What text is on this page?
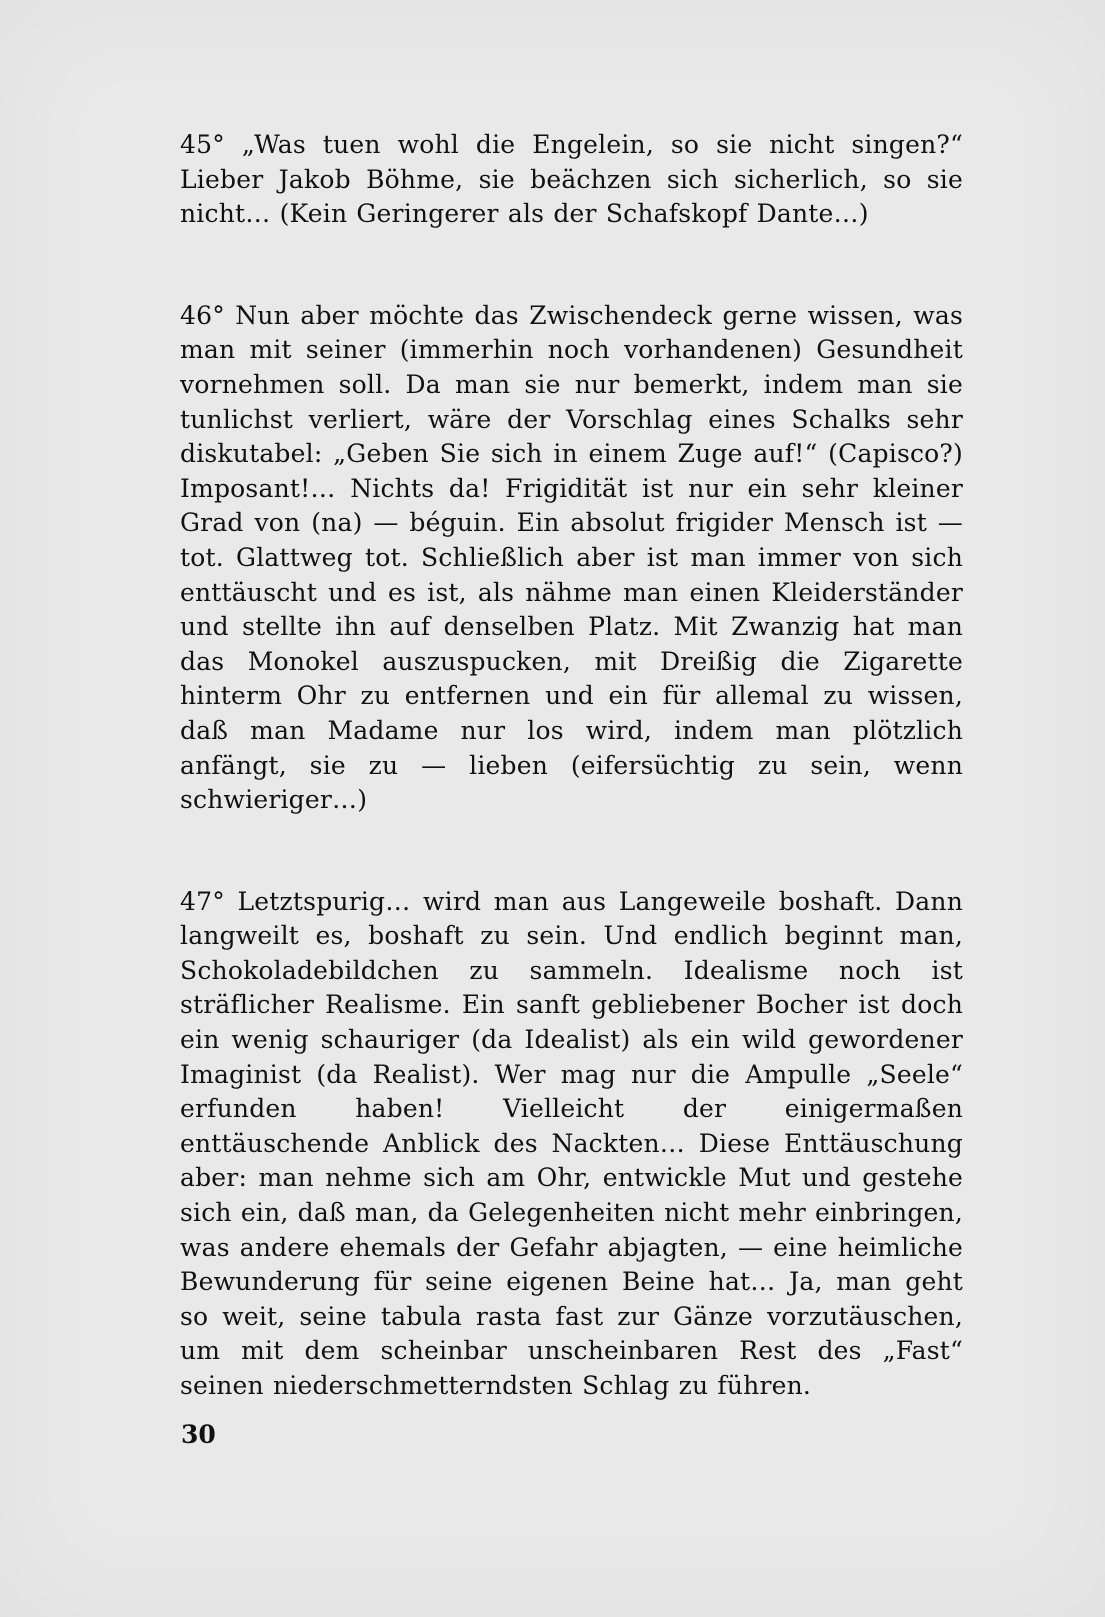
45° „Was tuen wohl die Engelein, so sie nicht singen?“ Lieber Jakob Böhme, sie beächzen sich sicherlich, so sie nicht… (Kein Geringerer als der Schafskopf Dante…)

46° Nun aber möchte das Zwischendeck gerne wissen, was man mit seiner (immerhin noch vorhandenen) Gesundheit vornehmen soll. Da man sie nur bemerkt, indem man sie tunlichst verliert, wäre der Vorschlag eines Schalks sehr diskutabel: „Geben Sie sich in einem Zuge auf!“ (Capisco?) Imposant!… Nichts da! Frigidität ist nur ein sehr kleiner Grad von (na) — béguin. Ein absolut frigider Mensch ist — tot. Glattweg tot. Schließlich aber ist man immer von sich enttäuscht und es ist, als nähme man einen Kleiderständer und stellte ihn auf denselben Platz. Mit Zwanzig hat man das Monokel auszuspucken, mit Dreißig die Zigarette hinterm Ohr zu entfernen und ein für allemal zu wissen, daß man Madame nur los wird, indem man plötzlich anfängt, sie zu — lieben (eifersüchtig zu sein, wenn schwieriger…)

47° Letztspurig… wird man aus Langeweile boshaft. Dann langweilt es, boshaft zu sein. Und endlich beginnt man, Schokoladebildchen zu sammeln. Idealisme noch ist sträflicher Realisme. Ein sanft gebliebener Bocher ist doch ein wenig schauriger (da Idealist) als ein wild gewordener Imaginist (da Realist). Wer mag nur die Ampulle „Seele“ erfunden haben! Vielleicht der einigermaßen enttäuschende Anblick des Nackten… Diese Enttäuschung aber: man nehme sich am Ohr, entwickle Mut und gestehe sich ein, daß man, da Gelegenheiten nicht mehr einbringen, was andere ehemals der Gefahr abjagten, — eine heimliche Bewunderung für seine eigenen Beine hat… Ja, man geht so weit, seine tabula rasta fast zur Gänze vorzutäuschen, um mit dem scheinbar unscheinbaren Rest des „Fast“ seinen niederschmetterndsten Schlag zu führen.

30
